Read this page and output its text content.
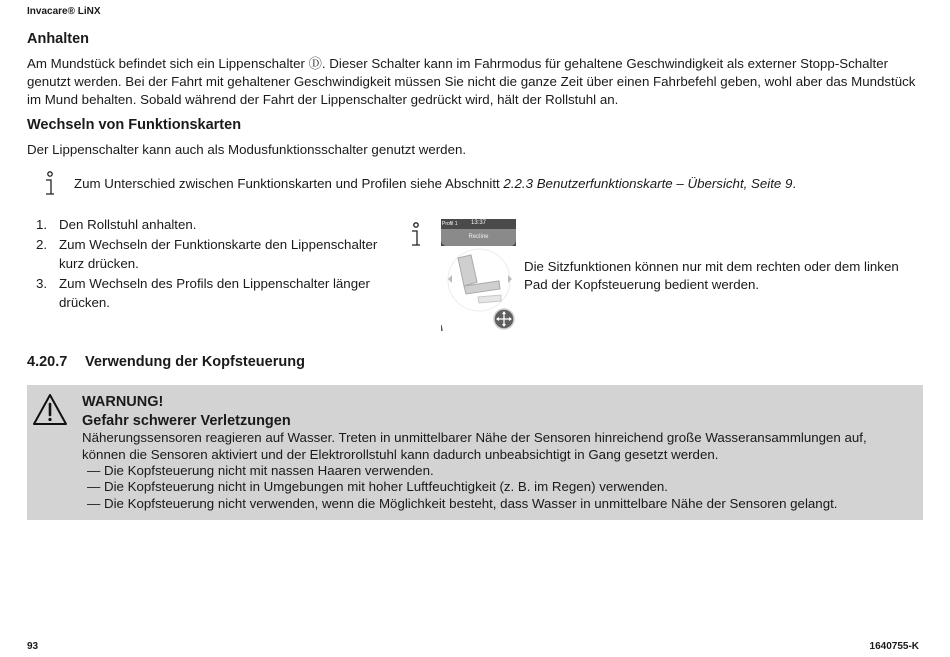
Invacare® LiNX
Anhalten

Am Mundstück befindet sich ein Lippenschalter Ⓓ. Dieser Schalter kann im Fahrmodus für gehaltene Geschwindigkeit als externer Stopp-Schalter genutzt werden. Bei der Fahrt mit gehaltener Geschwindigkeit müssen Sie nicht die ganze Zeit über einen Fahrbefehl geben, wohl aber das Mundstück im Mund behalten. Sobald während der Fahrt der Lippenschalter gedrückt wird, hält der Rollstuhl an.

Wechseln von Funktionskarten

Der Lippenschalter kann auch als Modusfunktionsschalter genutzt werden.

Zum Unterschied zwischen Funktionskarten und Profilen siehe Abschnitt 2.2.3 Benutzerfunktionskarte – Übersicht, Seite 9.

1. Den Rollstuhl anhalten.
2. Zum Wechseln der Funktionskarte den Lippenschalter kurz drücken.
3. Zum Wechseln des Profils den Lippenschalter länger drücken.
Profil 1 13:37
Recline

Die Sitzfunktionen können nur mit dem rechten oder dem linken Pad der Kopfsteuerung bedient werden.

4.20.7 Verwendung der Kopfsteuerung
WARNUNG!
Gefahr schwerer Verletzungen

Näherungssensoren reagieren auf Wasser. Treten in unmittelbarer Nähe der Sensoren hinreichend große Wasseransammlungen auf, können die Sensoren aktiviert und der Elektrorollstuhl kann dadurch unbeabsichtigt in Gang gesetzt werden.

— Die Kopfsteuerung nicht mit nassen Haaren verwenden.
— Die Kopfsteuerung nicht in Umgebungen mit hoher Luftfeuchtigkeit (z. B. im Regen) verwenden.
— Die Kopfsteuerung nicht verwenden, wenn die Möglichkeit besteht, dass Wasser in unmittelbare Nähe der Sensoren gelangt.
93	1640755-K
